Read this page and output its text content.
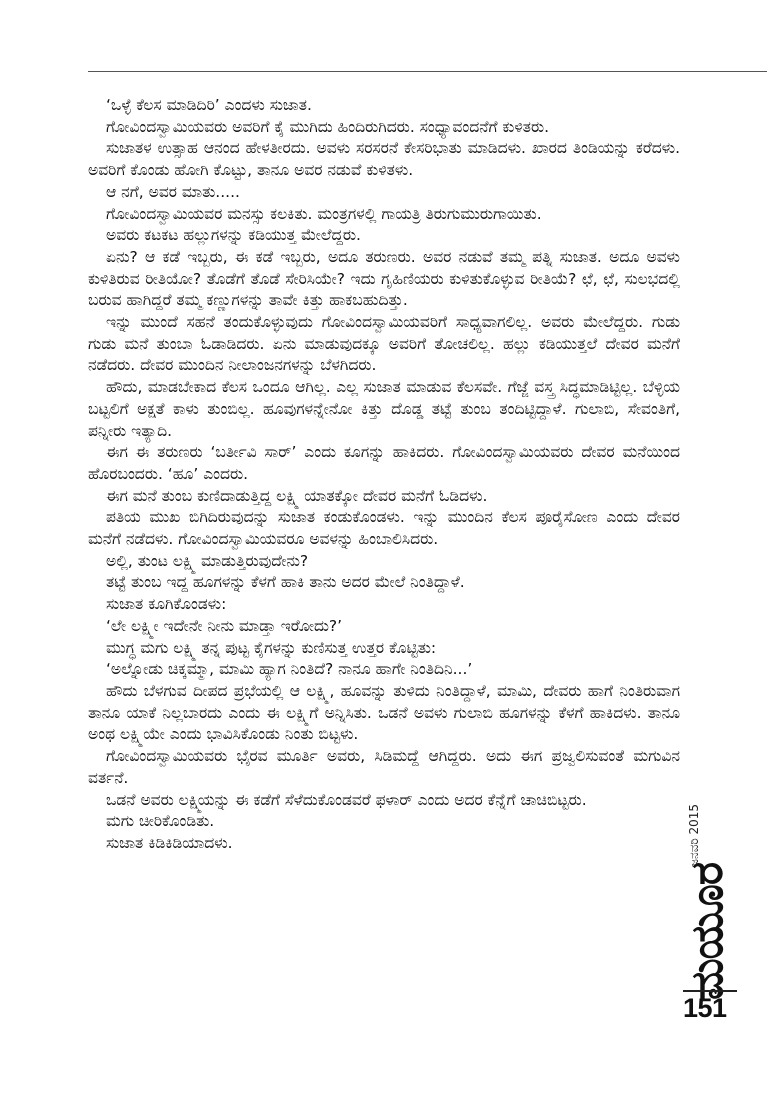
‘ಒಳ್ಳೆ ಕೆಲಸ ಮಾಡಿದಿರಿ’ ಎಂದಳು ಸುಜಾತ.

ಗೋವಿಂದಸ್ವಾಮಿಯವರು ಅವರಿಗೆ ಕೈ ಮುಗಿದು ಹಿಂದಿರುಗಿದರು. ಸಂಧ್ಯಾವಂದನೆಗೆ ಕುಳಿತರು.

ಸುಜಾತಳ ಉತ್ಸಾಹ ಆನಂದ ಹೇಳತೀರದು. ಅವಳು ಸರಸರನೆ ಕೇಸರಿಭಾತು ಮಾಡಿದಳು. ಖಾರದ ತಿಂಡಿಯನ್ನು ಕರೆದಳು. ಅವರಿಗೆ ಕೊಂಡು ಹೋಗಿ ಕೊಟ್ಟು, ತಾನೂ ಅವರ ನಡುವೆ ಕುಳಿತಳು.

ಆ ನಗೆ, ಅವರ ಮಾತು.....

ಗೋವಿಂದಸ್ವಾಮಿಯವರ ಮನಸ್ಸು ಕಲಕಿತು. ಮಂತ್ರಗಳಲ್ಲಿ ಗಾಯತ್ರಿ ತಿರುಗುಮುರುಗಾಯಿತು.

ಅವರು ಕಟಕಟ ಹಲ್ಲುಗಳನ್ನು ಕಡಿಯುತ್ತ ಮೇಲೆದ್ದರು.

ಏನು? ಆ ಕಡೆ ಇಬ್ಬರು, ಈ ಕಡೆ ಇಬ್ಬರು, ಅದೂ ತರುಣರು. ಅವರ ನಡುವೆ ತಮ್ಮ ಪತ್ನಿ ಸುಜಾತ. ಅದೂ ಅವಳು ಕುಳಿತಿರುವ ರೀತಿಯೋ? ತೊಡೆಗೆ ತೊಡೆ ಸೇರಿಸಿಯೇ? ಇದು ಗೃಹಿಣಿಯರು ಕುಳಿತುಕೊಳ್ಳುವ ರೀತಿಯೆ? ಛೆ, ಛೆ, ಸುಲಭದಲ್ಲಿ ಬರುವ ಹಾಗಿದ್ದರೆ ತಮ್ಮ ಕಣ್ಣುಗಳನ್ನು ತಾವೇ ಕಿತ್ತು ಹಾಕಬಹುದಿತ್ತು.

ಇನ್ನು ಮುಂದೆ ಸಹನೆ ತಂದುಕೊಳ್ಳುವುದು ಗೋವಿಂದಸ್ವಾಮಿಯವರಿಗೆ ಸಾಧ್ಯವಾಗಲಿಲ್ಲ. ಅವರು ಮೇಲೆದ್ದರು. ಗುಡು ಗುಡು ಮನೆ ತುಂಬಾ ಓಡಾಡಿದರು. ಏನು ಮಾಡುವುದಕ್ಕೂ ಅವರಿಗೆ ತೋಚಲಿಲ್ಲ. ಹಲ್ಲು ಕಡಿಯುತ್ತಲೆ ದೇವರ ಮನೆಗೆ ನಡೆದರು. ದೇವರ ಮುಂದಿನ ನೀಲಾಂಜನಗಳನ್ನು ಬೆಳಗಿದರು.

ಹೌದು, ಮಾಡಬೇಕಾದ ಕೆಲಸ ಒಂದೂ ಆಗಿಲ್ಲ. ಎಲ್ಲ ಸುಜಾತ ಮಾಡುವ ಕೆಲಸವೇ. ಗೆಜ್ಜೆ ವಸ್ತ್ರ ಸಿದ್ಧಮಾಡಿಟ್ಟಿಲ್ಲ. ಬೆಳ್ಳಿಯ ಬಟ್ಟಲಿಗೆ ಅಕ್ಷತೆ ಕಾಳು ತುಂಬಿಲ್ಲ. ಹೂವುಗಳನ್ನೇನೋ ಕಿತ್ತು ದೊಡ್ಡ ತಟ್ಟೆ ತುಂಬ ತಂದಿಟ್ಟಿದ್ದಾಳೆ. ಗುಲಾಬಿ, ಸೇವಂತಿಗೆ, ಪನ್ನೀರು ಇತ್ಯಾದಿ.

ಈಗ ಈ ತರುಣರು ‘ಬರ್ತೀವಿ ಸಾರ್’ ಎಂದು ಕೂಗನ್ನು ಹಾಕಿದರು. ಗೋವಿಂದಸ್ವಾಮಿಯವರು ದೇವರ ಮನೆಯಿಂದ ಹೊರಬಂದರು. ‘ಹೂ’ ಎಂದರು.

ಈಗ ಮನೆ ತುಂಬ ಕುಣಿದಾಡುತ್ತಿದ್ದ ಲಕ್ಷ್ಮಿ ಯಾತಕ್ಕೋ ದೇವರ ಮನೆಗೆ ಓಡಿದಳು.

ಪತಿಯ ಮುಖ ಬಿಗಿದಿರುವುದನ್ನು ಸುಜಾತ ಕಂಡುಕೊಂಡಳು. ಇನ್ನು ಮುಂದಿನ ಕೆಲಸ ಪೂರೈಸೋಣ ಎಂದು ದೇವರ ಮನೆಗೆ ನಡೆದಳು. ಗೋವಿಂದಸ್ವಾಮಿಯವರೂ ಅವಳನ್ನು ಹಿಂಬಾಲಿಸಿದರು.

ಅಲ್ಲಿ, ತುಂಟ ಲಕ್ಷ್ಮಿ ಮಾಡುತ್ತಿರುವುದೇನು?

ತಟ್ಟೆ ತುಂಬ ಇದ್ದ ಹೂಗಳನ್ನು ಕೆಳಗೆ ಹಾಕಿ ತಾನು ಅದರ ಮೇಲೆ ನಿಂತಿದ್ದಾಳೆ.

ಸುಜಾತ ಕೂಗಿಕೊಂಡಳು:

‘ಲೇ ಲಕ್ಷ್ಮೀ ಇದೇನೇ ನೀನು ಮಾಡ್ತಾ ಇರೋದು?’

ಮುಗ್ಧ ಮಗು ಲಕ್ಷ್ಮಿ ತನ್ನ ಪುಟ್ಟ ಕೈಗಳನ್ನು ಕುಣಿಸುತ್ತ ಉತ್ತರ ಕೊಟ್ಟಿತು:

‘ಅಲ್ನೋಡು ಚಿಕ್ಕಮ್ಮಾ, ಮಾಮಿ ಹ್ಯಾಗ ನಿಂತಿದೆ? ನಾನೂ ಹಾಗೇ ನಿಂತಿದಿನಿ...’

ಹೌದು ಬೆಳಗುವ ದೀಪದ ಪ್ರಭೆಯಲ್ಲಿ ಆ ಲಕ್ಷ್ಮಿ, ಹೂವನ್ನು ತುಳಿದು ನಿಂತಿದ್ದಾಳೆ, ಮಾಮಿ, ದೇವರು ಹಾಗೆ ನಿಂತಿರುವಾಗ ತಾನೂ ಯಾಕೆ ನಿಲ್ಲಬಾರದು ಎಂದು ಈ ಲಕ್ಷ್ಮಿಗೆ ಅನ್ನಿಸಿತು. ಒಡನೆ ಅವಳು ಗುಲಾಬಿ ಹೂಗಳನ್ನು ಕೆಳಗೆ ಹಾಕಿದಳು. ತಾನೂ ಅಂಥ ಲಕ್ಷ್ಮಿಯೇ ಎಂದು ಭಾವಿಸಿಕೊಂಡು ನಿಂತು ಬಿಟ್ಟಳು.

ಗೋವಿಂದಸ್ವಾಮಿಯವರು ಭೈರವ ಮೂರ್ತಿ ಅವರು, ಸಿಡಿಮದ್ದೆ ಆಗಿದ್ದರು. ಅದು ಈಗ ಪ್ರಜ್ವಲಿಸುವಂತೆ ಮಗುವಿನ ವರ್ತನೆ.

ಒಡನೆ ಅವರು ಲಕ್ಷ್ಮಿಯನ್ನು ಈ ಕಡೆಗೆ ಸೆಳೆದುಕೊಂಡವರೆ ಫಳಾರ್ ಎಂದು ಅದರ ಕೆನ್ನೆಗೆ ಚಾಚಿಬಿಟ್ಟರು.

ಮಗು ಚೀರಿಕೊಂಡಿತು.

ಸುಜಾತ ಕಿಡಿಕಿಡಿಯಾದಳು.	ಜನವರಿ 2015
ಮಯೂರ
151
